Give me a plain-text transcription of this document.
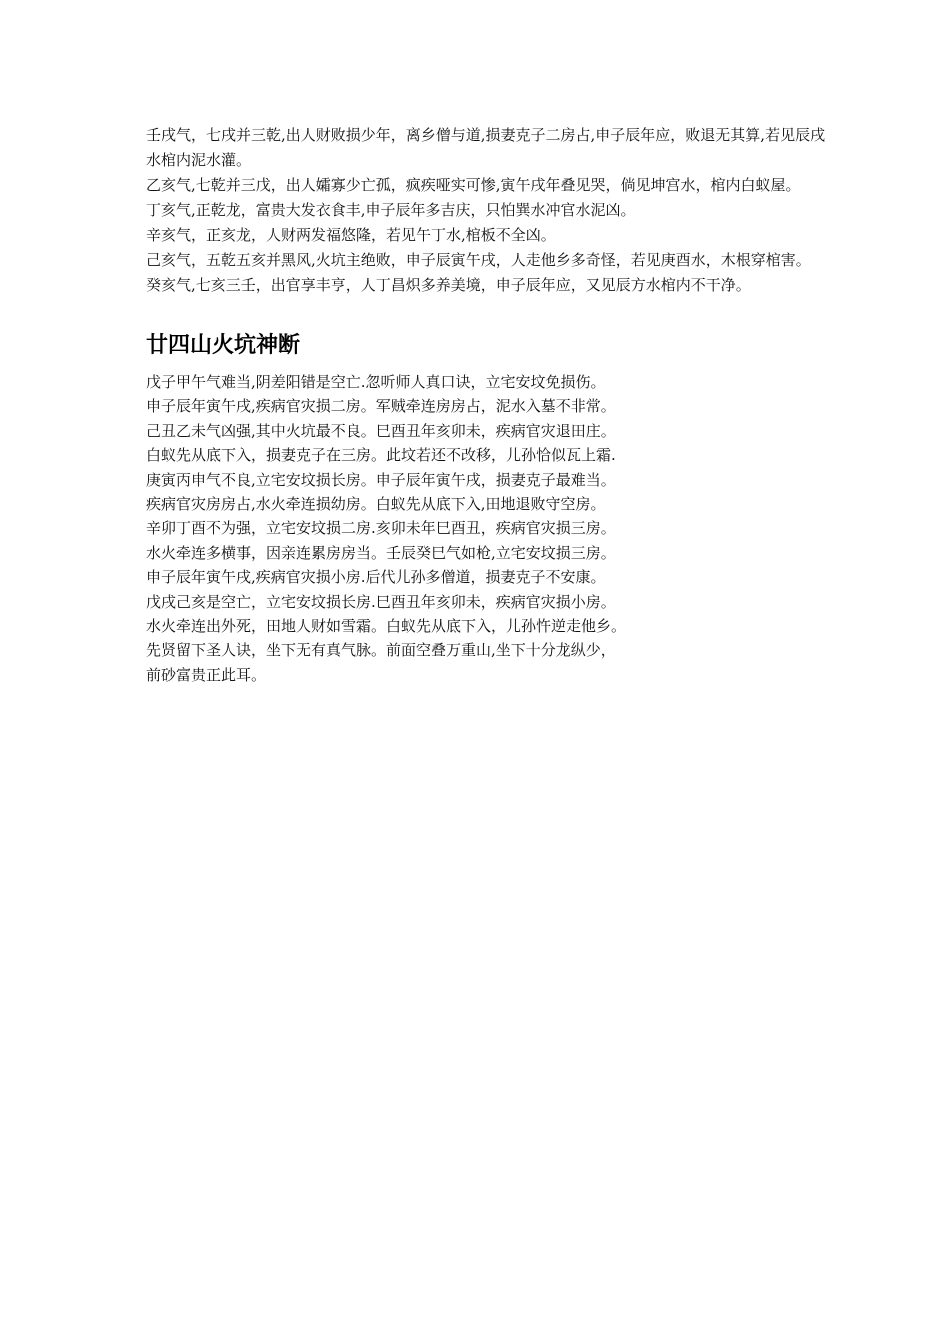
壬戌气，七戌并三乾,出人财败损少年，离乡僧与道,损妻克子二房占,申子辰年应，败退无其算,若见辰戌水棺内泥水灌。

乙亥气,七乾并三戊，出人孀寡少亡孤，疯疾哑实可惨,寅午戌年叠见哭，倘见坤宫水，棺内白蚁屋。

丁亥气,正乾龙，富贵大发衣食丰,申子辰年多吉庆，只怕巽水冲官水泥凶。

辛亥气，正亥龙，人财两发福悠隆，若见午丁水,棺板不全凶。

己亥气，五乾五亥并黑风,火坑主绝败，申子辰寅午戌，人走他乡多奇怪，若见庚酉水，木根穿棺害。

癸亥气,七亥三壬，出官享丰亨，人丁昌炽多养美境，申子辰年应，又见辰方水棺内不干净。

廿四山火坑神断

戊子甲午气难当,阴差阳错是空亡.忽听师人真口诀，立宅安坟免损伤。

申子辰年寅午戌,疾病官灾损二房。军贼牵连房房占，泥水入墓不非常。

己丑乙未气凶强,其中火坑最不良。巳酉丑年亥卯未，疾病官灾退田庄。

白蚁先从底下入，损妻克子在三房。此坟若还不改移，儿孙恰似瓦上霜.

庚寅丙申气不良,立宅安坟损长房。申子辰年寅午戌，损妻克子最难当。

疾病官灾房房占,水火牵连损幼房。白蚁先从底下入,田地退败守空房。

辛卯丁酉不为强，立宅安坟损二房.亥卯未年巳酉丑，疾病官灾损三房。

水火牵连多横事，因亲连累房房当。壬辰癸巳气如枪,立宅安坟损三房。

申子辰年寅午戌,疾病官灾损小房.后代儿孙多僧道，损妻克子不安康。

戊戌己亥是空亡，立宅安坟损长房.巳酉丑年亥卯未，疾病官灾损小房。

水火牵连出外死，田地人财如雪霜。白蚁先从底下入，儿孙忤逆走他乡。

先贤留下圣人诀，坐下无有真气脉。前面空叠万重山,坐下十分龙纵少，

前砂富贵正此耳。
